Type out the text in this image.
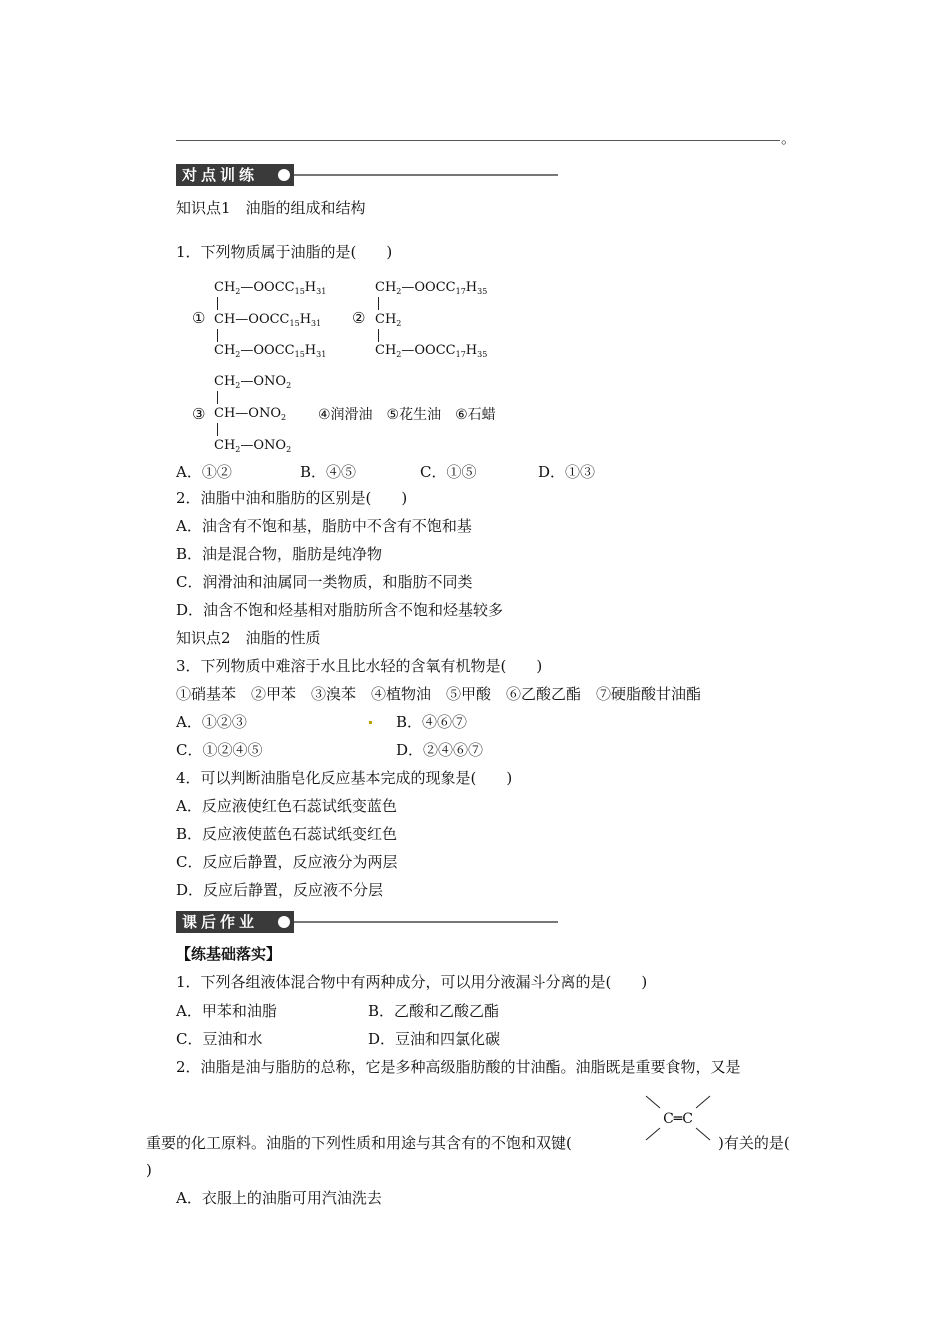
。
对点训练
知识点1　油脂的组成和结构
1．下列物质属于油脂的是(　　)
①
$CH_2—OOCC_{15}H_{31}$
$CH—OOCC_{15}H_{31}$
$CH_2—OOCC_{15}H_{31}$
②
$CH_2—OOCC_{17}H_{35}$
$CH_2$
$CH_2—OOCC_{17}H_{35}$
③
$CH_2—ONO_2$
$CH—ONO_2$
$CH_2—ONO_2$
④润滑油　⑤花生油　⑥石蜡
A．①②	B．④⑤	C．①⑤	D．①③
2．油脂中油和脂肪的区别是(　　)
A．油含有不饱和基，脂肪中不含有不饱和基
B．油是混合物，脂肪是纯净物
C．润滑油和油属同一类物质，和脂肪不同类
D．油含不饱和烃基相对脂肪所含不饱和烃基较多
知识点2　油脂的性质
3．下列物质中难溶于水且比水轻的含氧有机物是(　　)
①硝基苯　②甲苯　③溴苯　④植物油　⑤甲酸　⑥乙酸乙酯　⑦硬脂酸甘油酯
A．①②③	B．④⑥⑦
C．①②④⑤	D．②④⑥⑦
4．可以判断油脂皂化反应基本完成的现象是(　　)
A．反应液使红色石蕊试纸变蓝色
B．反应液使蓝色石蕊试纸变红色
C．反应后静置，反应液分为两层
D．反应后静置，反应液不分层
课后作业
【练基础落实】
1．下列各组液体混合物中有两种成分，可以用分液漏斗分离的是(　　)
A．甲苯和油脂	B．乙酸和乙酸乙酯
C．豆油和水	D．豆油和四氯化碳
2．油脂是油与脂肪的总称，它是多种高级脂肪酸的甘油酯。油脂既是重要食物，又是
重要的化工原料。油脂的下列性质和用途与其含有的不饱和双键(
C═C
)有关的是(
)
A．衣服上的油脂可用汽油洗去
